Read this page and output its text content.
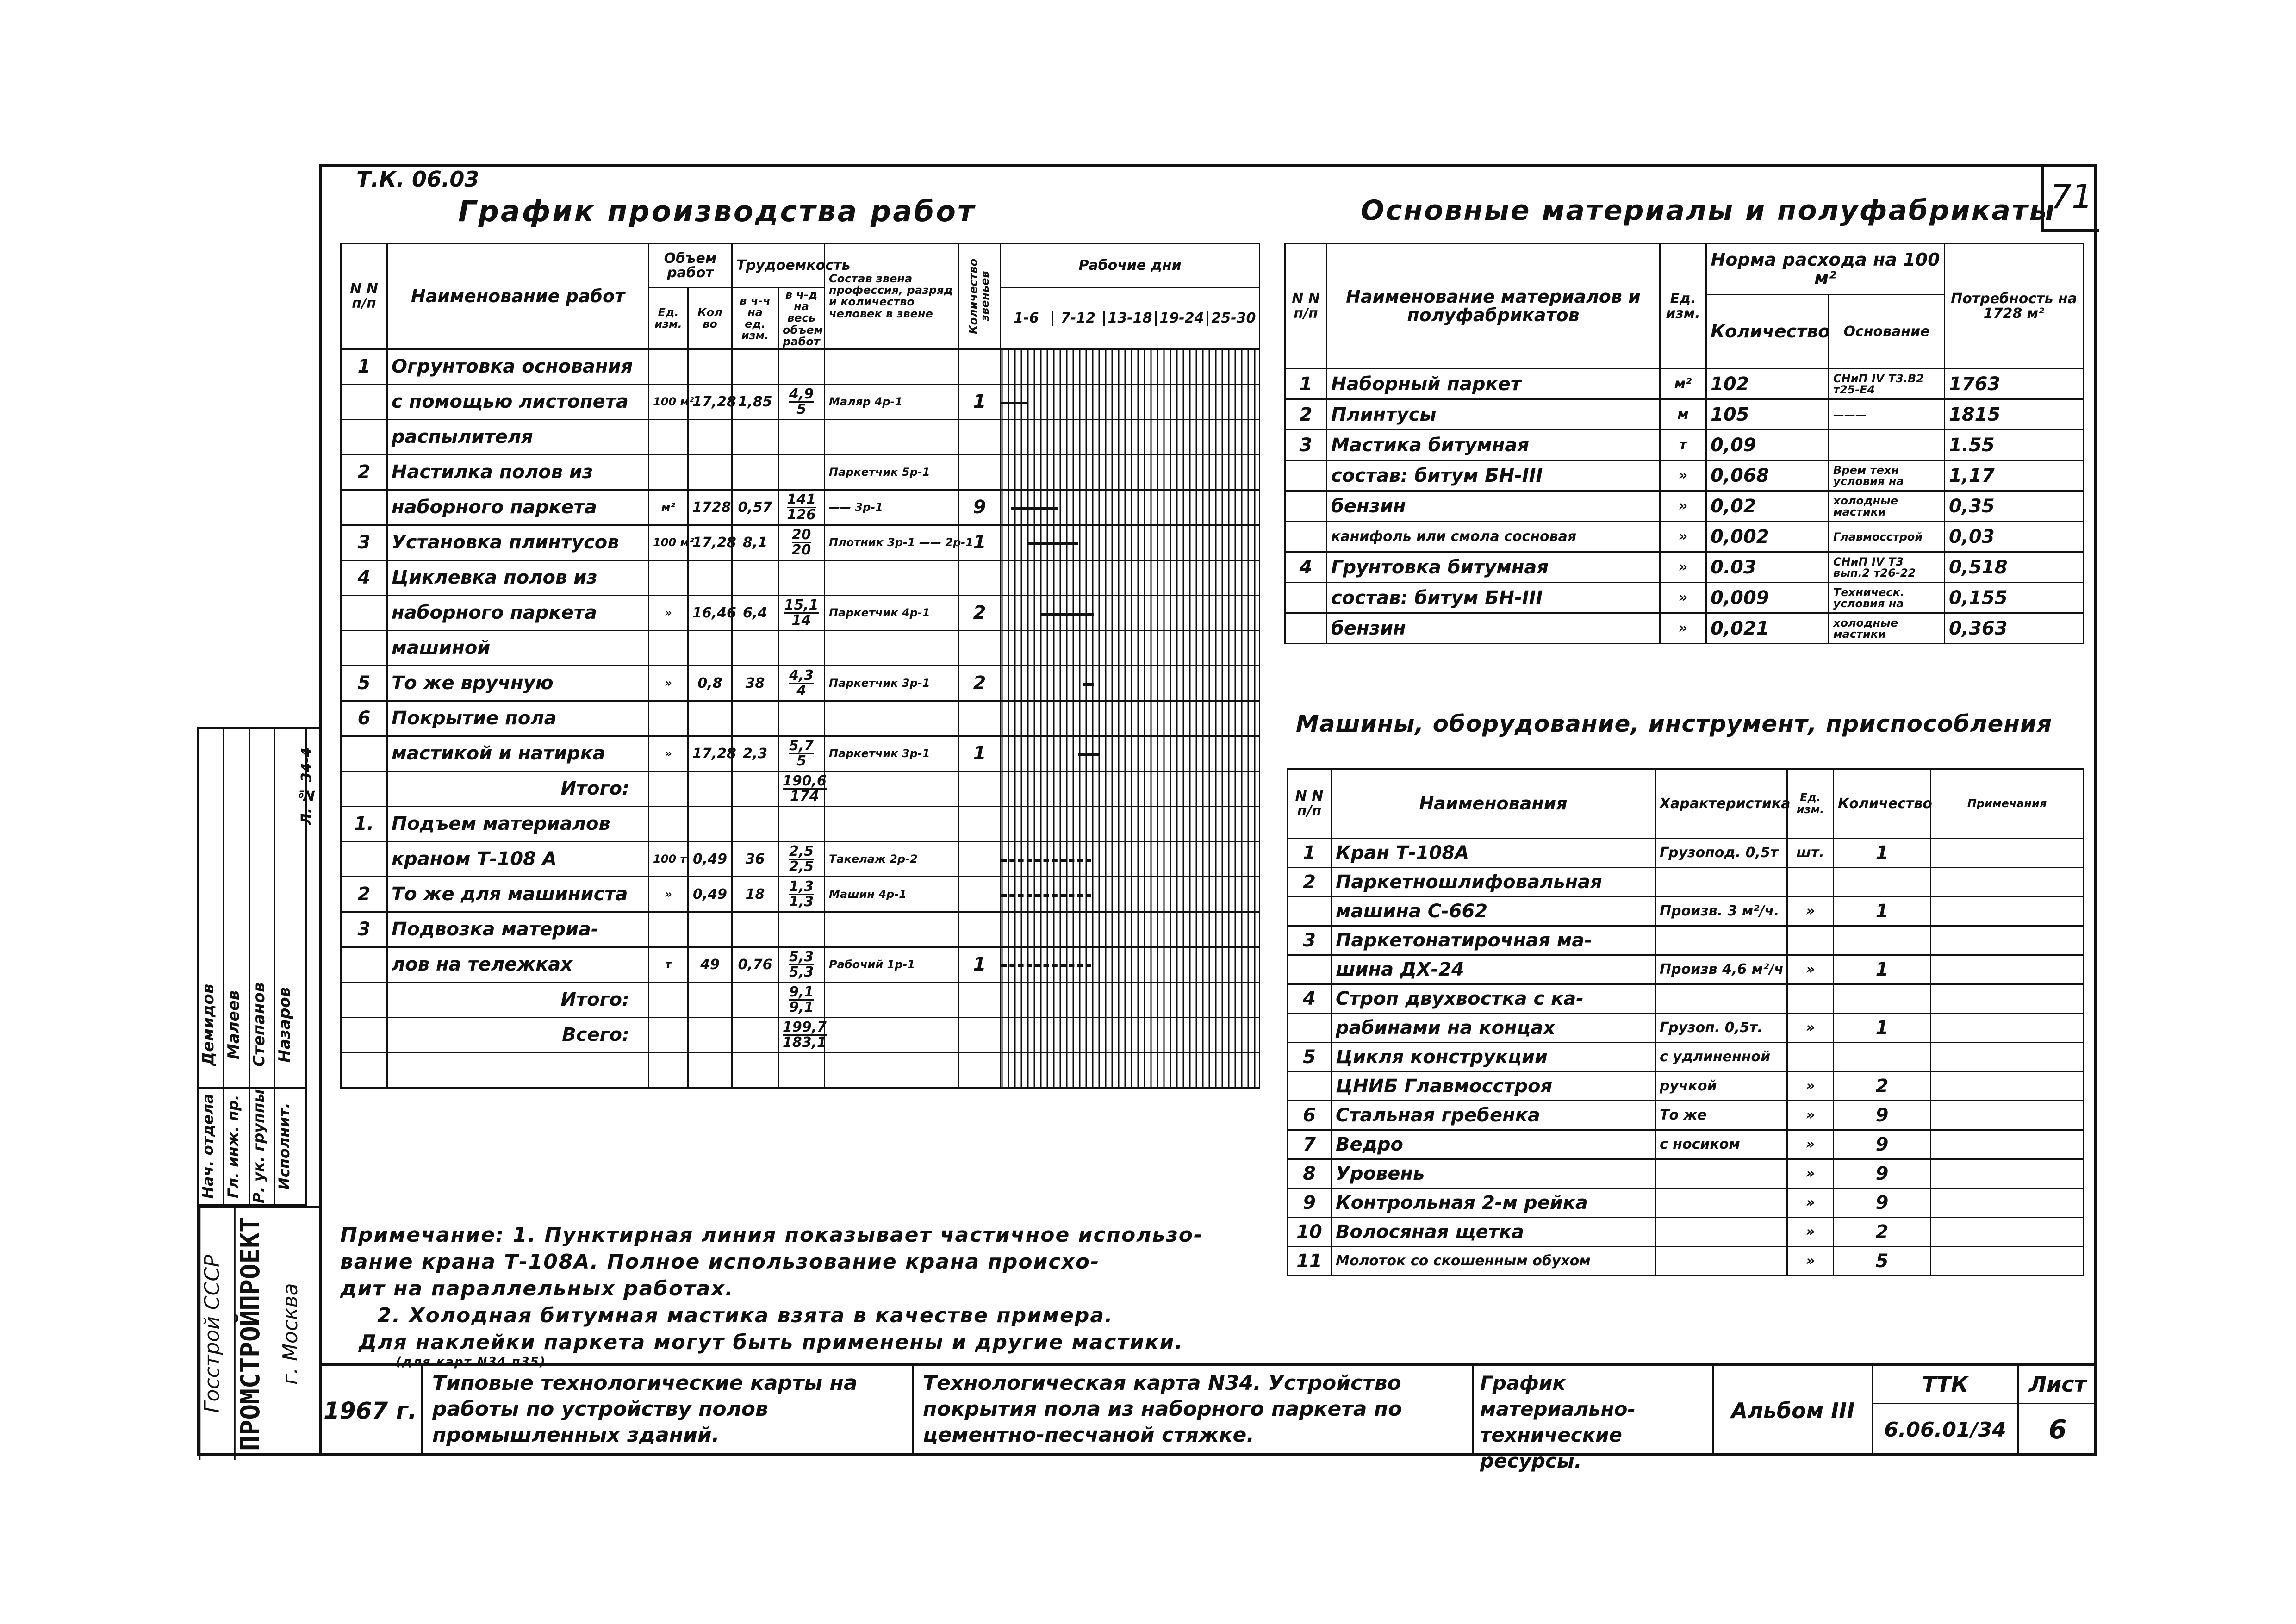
71
Т.К. 06.03
График производства работ
N N п/п	Наименование работ	Объем работ		Трудоемкость		Состав звена профессия, разряд и количество человек в звене	Количество звеньев	Рабочие дни
		Ед. изм.	Кол во	в ч-ч на ед. изм.	в ч-д на весь объем работ			1-6 7-12 13-18 19-24 25-30

1	Огрунтовка основания							
	с помощью листопета	100 м²	17,28	1,85	$\frac{4,9}{5}$	Маляр 4р-1	1	

	распылителя							
2	Настилка полов из					Паркетчик 5р-1		
	наборного паркета	м²	1728	0,57	$\frac{141}{126}$	—— 3р-1	9	

3	Установка плинтусов	100 м²	17,28	8,1	$\frac{20}{20}$	Плотник 3р-1 —— 2р-1	1	

4	Циклевка полов из							
	наборного паркета	»	16,46	6,4	$\frac{15,1}{14}$	Паркетчик 4р-1	2	

	машиной							
5	То же вручную	»	0,8	38	$\frac{4,3}{4}$	Паркетчик 3р-1	2	

6	Покрытие пола							
	мастикой и натирка	»	17,28	2,3	$\frac{5,7}{5}$	Паркетчик 3р-1	1	

	Итого:				$\frac{190,6}{174}$

1.	Подъем материалов							
	краном Т-108 А	100 т	0,49	36	$\frac{2,5}{2,5}$	Такелаж 2р-2		

2	То же для машиниста	»	0,49	18	$\frac{1,3}{1,3}$	Машин 4р-1		

3	Подвозка материа-							
	лов на тележках	т	49	0,76	$\frac{5,3}{5,3}$	Рабочий 1р-1	1	

	Итого:				$\frac{9,1}{9,1}$

	Всего:				$\frac{199,7}{183,1}$

Основные материалы и полуфабрикаты
N N п/п	Наименование материалов и полуфабрикатов	Ед. изм.	Норма расхода на 100 м²		Потребность на 1728 м²
			Количество	Основание	
1	Наборный паркет	м²	102	СНиП IV Т3.В2 т25-Е4	1763
2	Плинтусы	м	105	———	1815
3	Мастика битумная	т	0,09		1.55
	состав: битум БН-III	»	0,068	Врем техн условия на	1,17
	бензин	»	0,02	холодные мастики	0,35
	канифоль или смола сосновая	»	0,002	Главмосстрой	0,03
4	Грунтовка битумная	»	0.03	СНиП IV Т3 вып.2 т26-22	0,518
	состав: битум БН-III	»	0,009	Техническ. условия на	0,155
	бензин	»	0,021	холодные мастики	0,363
Машины, оборудование, инструмент, приспособления
N N п/п	Наименования	Характеристика	Ед. изм.	Количество	Примечания
1	Кран Т-108А	Грузопод. 0,5т	шт.	1	
2	Паркетношлифовальная				
	машина С-662	Произв. 3 м²/ч.	»	1	
3	Паркетонатирочная ма-				
	шина ДХ-24	Произв 4,6 м²/ч	»	1	
4	Строп двухвостка с ка-				
	рабинами на концах	Грузоп. 0,5т.	»	1	
5	Цикля конструкции	с удлиненной			
	ЦНИБ Главмосстроя	ручкой	»	2	
6	Стальная гребенка	То же	»	9	
7	Ведро	с носиком	»	9	
8	Уровень		»	9	
9	Контрольная 2-м рейка		»	9	
10	Волосяная щетка		»	2	
11	Молоток со скошенным обухом		»	5	
Примечание: 1. Пунктирная линия показывает частичное использо-
вание крана Т-108А. Полное использование крана происхо-
дит на параллельных работах.
2. Холодная битумная мастика взята в качестве примера.
Для наклейки паркета могут быть применены и другие мастики.
(для карт N34 п35)
Нач. отдела
Демидов
Гл. инж. пр.
Малеев
Р. ук. группы
Степанов
Исполнит.
Назаров
Л. № 34-4
Госстрой СССР ПРОМСТРОЙПРОЕКТ г. Москва
1967 г.
Типовые технологические карты на работы по устройству полов промышленных зданий.
Технологическая карта N34. Устройство покрытия пола из наборного паркета по цементно-песчаной стяжке.
График материально-технические ресурсы.
Альбом III
ТТК
6.06.01/34
Лист
6
